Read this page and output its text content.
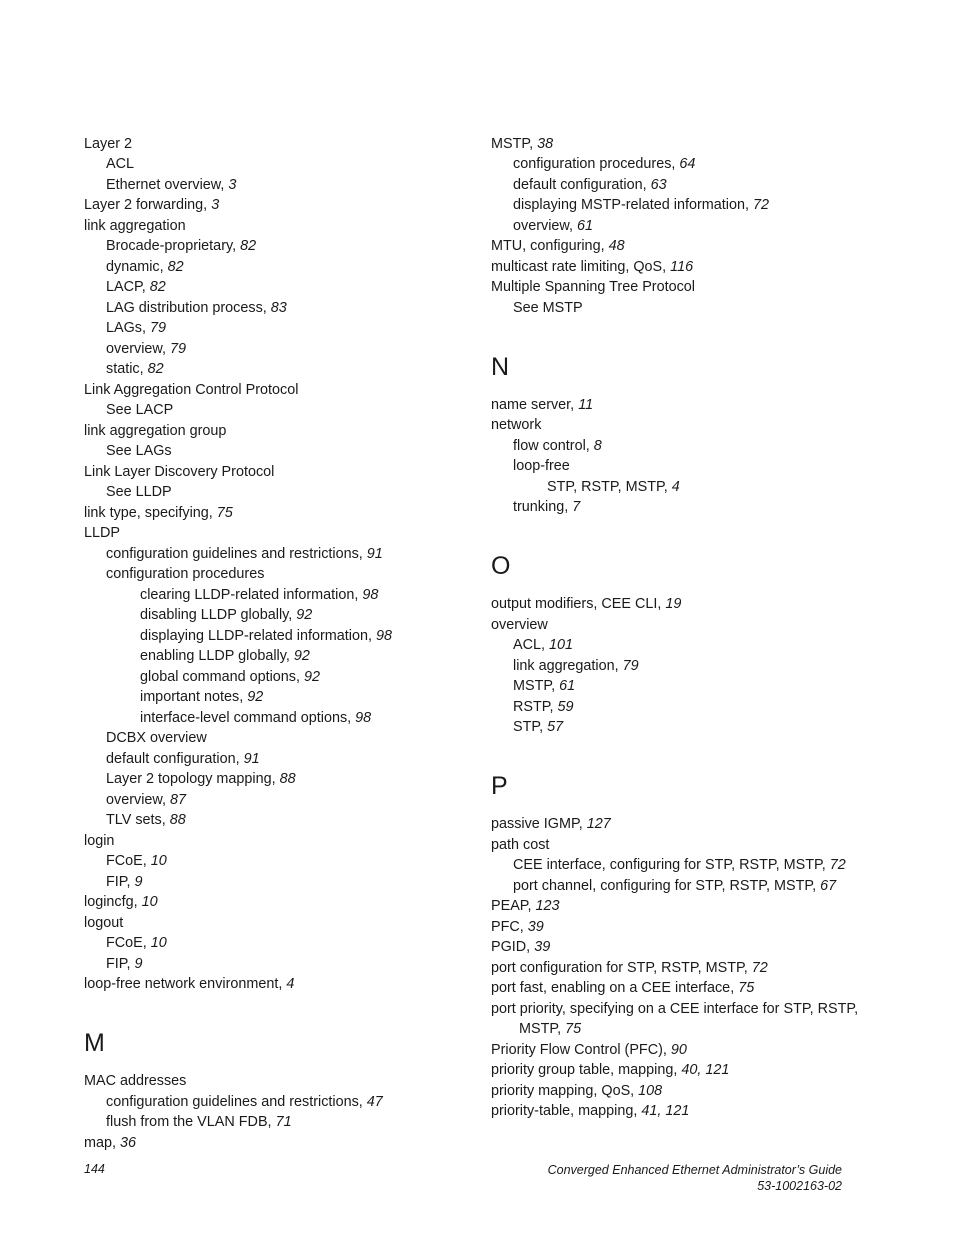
Layer 2
ACL
Ethernet overview, 3
Layer 2 forwarding, 3
link aggregation
Brocade-proprietary, 82
dynamic, 82
LACP, 82
LAG distribution process, 83
LAGs, 79
overview, 79
static, 82
Link Aggregation Control Protocol
See LACP
link aggregation group
See LAGs
Link Layer Discovery Protocol
See LLDP
link type, specifying, 75
LLDP
configuration guidelines and restrictions, 91
configuration procedures
clearing LLDP-related information, 98
disabling LLDP globally, 92
displaying LLDP-related information, 98
enabling LLDP globally, 92
global command options, 92
important notes, 92
interface-level command options, 98
DCBX overview
default configuration, 91
Layer 2 topology mapping, 88
overview, 87
TLV sets, 88
login
FCoE, 10
FIP, 9
logincfg, 10
logout
FCoE, 10
FIP, 9
loop-free network environment, 4
M
MAC addresses
configuration guidelines and restrictions, 47
flush from the VLAN FDB, 71
map, 36
MSTP, 38
configuration procedures, 64
default configuration, 63
displaying MSTP-related information, 72
overview, 61
MTU, configuring, 48
multicast rate limiting, QoS, 116
Multiple Spanning Tree Protocol
See MSTP
N
name server, 11
network
flow control, 8
loop-free
STP, RSTP, MSTP, 4
trunking, 7
O
output modifiers, CEE CLI, 19
overview
ACL, 101
link aggregation, 79
MSTP, 61
RSTP, 59
STP, 57
P
passive IGMP, 127
path cost
CEE interface, configuring for STP, RSTP, MSTP, 72
port channel, configuring for STP, RSTP, MSTP, 67
PEAP, 123
PFC, 39
PGID, 39
port configuration for STP, RSTP, MSTP, 72
port fast, enabling on a CEE interface, 75
port priority, specifying on a CEE interface for STP, RSTP,
MSTP, 75
Priority Flow Control (PFC), 90
priority group table, mapping, 40, 121
priority mapping, QoS, 108
priority-table, mapping, 41, 121
144	Converged Enhanced Ethernet Administrator’s Guide
53-1002163-02
